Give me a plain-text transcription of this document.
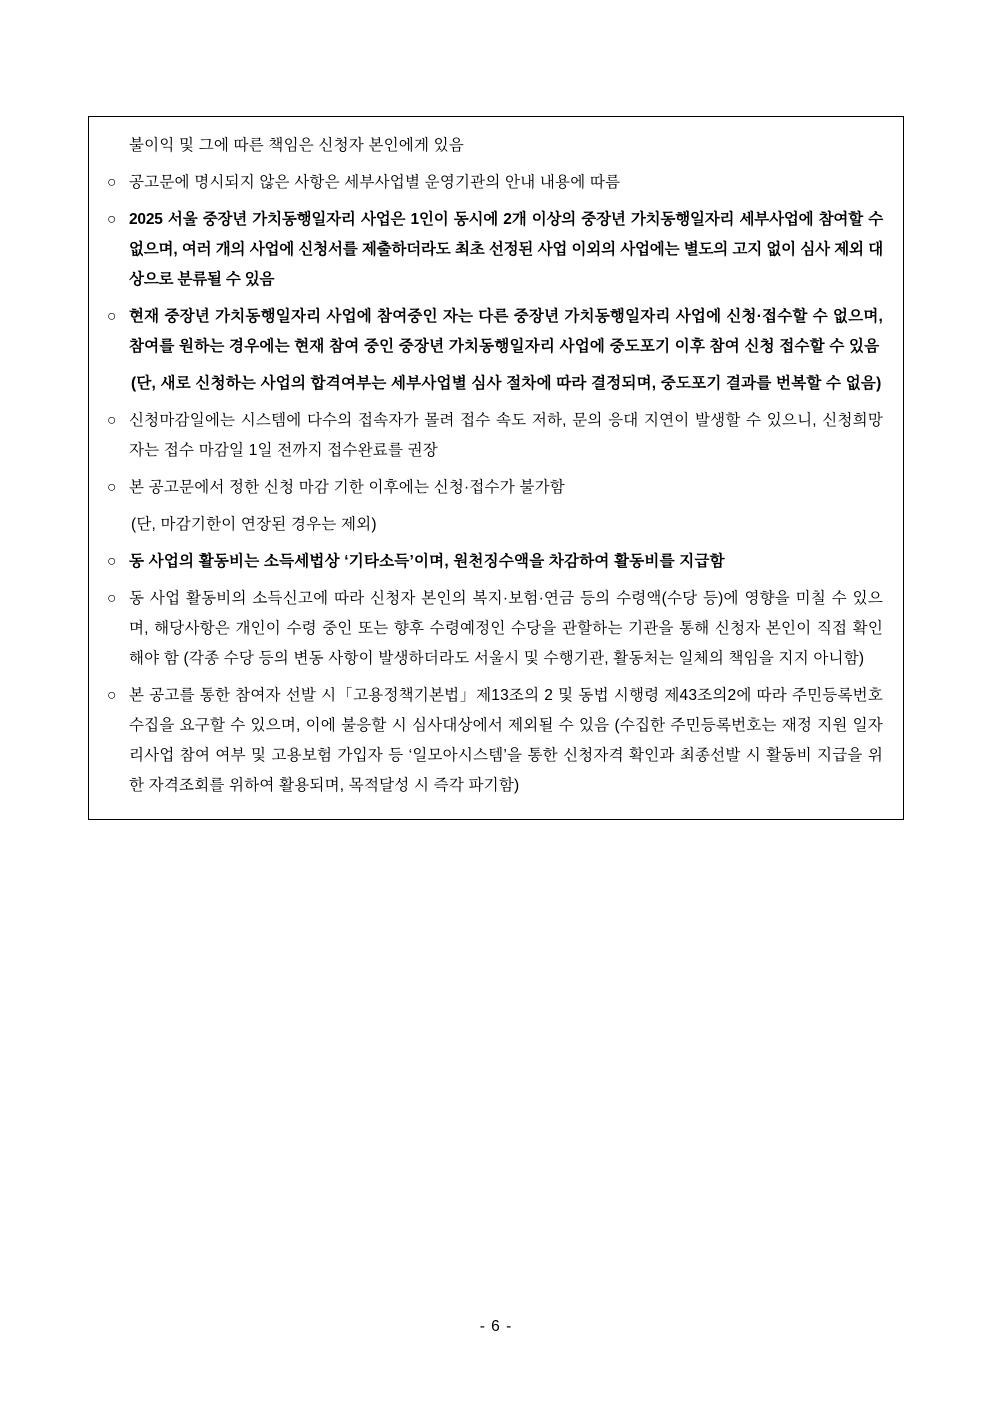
불이익 및 그에 따른 책임은 신청자 본인에게 있음
○ 공고문에 명시되지 않은 사항은 세부사업별 운영기관의 안내 내용에 따름
○ 2025 서울 중장년 가치동행일자리 사업은 1인이 동시에 2개 이상의 중장년 가치동행일자리 세부사업에 참여할 수 없으며, 여러 개의 사업에 신청서를 제출하더라도 최초 선정된 사업 이외의 사업에는 별도의 고지 없이 심사 제외 대상으로 분류될 수 있음
○ 현재 중장년 가치동행일자리 사업에 참여중인 자는 다른 중장년 가치동행일자리 사업에 신청·접수할 수 없으며, 참여를 원하는 경우에는 현재 참여 중인 중장년 가치동행일자리 사업에 중도포기 이후 참여 신청 접수할 수 있음
(단, 새로 신청하는 사업의 합격여부는 세부사업별 심사 절차에 따라 결정되며, 중도포기 결과를 번복할 수 없음)
○ 신청마감일에는 시스템에 다수의 접속자가 몰려 접수 속도 저하, 문의 응대 지연이 발생할 수 있으니, 신청희망자는 접수 마감일 1일 전까지 접수완료를 권장
○ 본 공고문에서 정한 신청 마감 기한 이후에는 신청·접수가 불가함
(단, 마감기한이 연장된 경우는 제외)
○ 동 사업의 활동비는 소득세법상 ‘기타소득’이며, 원천징수액을 차감하여 활동비를 지급함
○ 동 사업 활동비의 소득신고에 따라 신청자 본인의 복지·보험·연금 등의 수령액(수당 등)에 영향을 미칠 수 있으며, 해당사항은 개인이 수령 중인 또는 향후 수령예정인 수당을 관할하는 기관을 통해 신청자 본인이 직접 확인해야 함 (각종 수당 등의 변동 사항이 발생하더라도 서울시 및 수행기관, 활동처는 일체의 책임을 지지 아니함)
○ 본 공고를 통한 참여자 선발 시「고용정책기본법」제13조의 2 및 동법 시행령 제43조의2에 따라 주민등록번호 수집을 요구할 수 있으며, 이에 불응할 시 심사대상에서 제외될 수 있음 (수집한 주민등록번호는 재정 지원 일자리사업 참여 여부 및 고용보험 가입자 등 ‘일모아시스템’을 통한 신청자격 확인과 최종선발 시 활동비 지급을 위한 자격조회를 위하여 활용되며, 목적달성 시 즉각 파기함)
- 6 -
